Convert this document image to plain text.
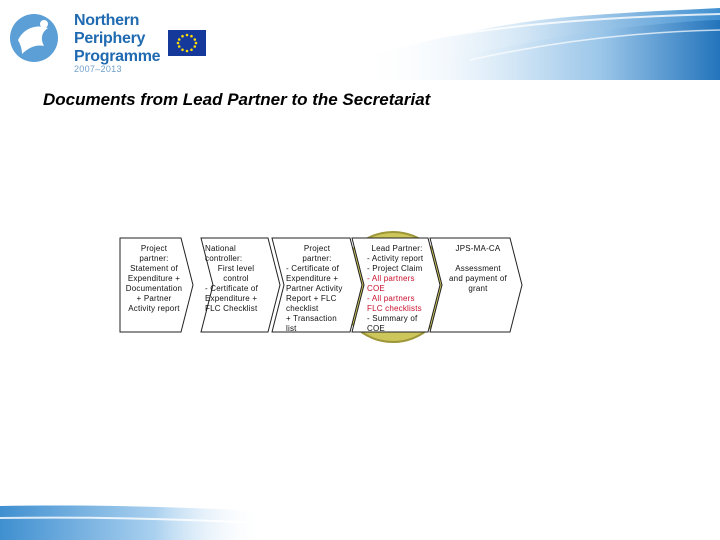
Northern
Periphery
Programme
2007–2013
Documents from Lead Partner to the Secretariat
Project
partner:
Statement of
Expenditure +
Documentation
+ Partner
Activity report
National
controller:
First level
control
- Certificate of
Expenditure +
FLC Checklist
Project
partner:
- Certificate of
Expenditure +
Partner Activity
Report + FLC
checklist
+ Transaction
list
Lead Partner:
- Activity report
- Project Claim
- All partners
COE
- All partners
FLC checklists
- Summary of
COE
JPS-MA-CA
Assessment
and payment of
grant
